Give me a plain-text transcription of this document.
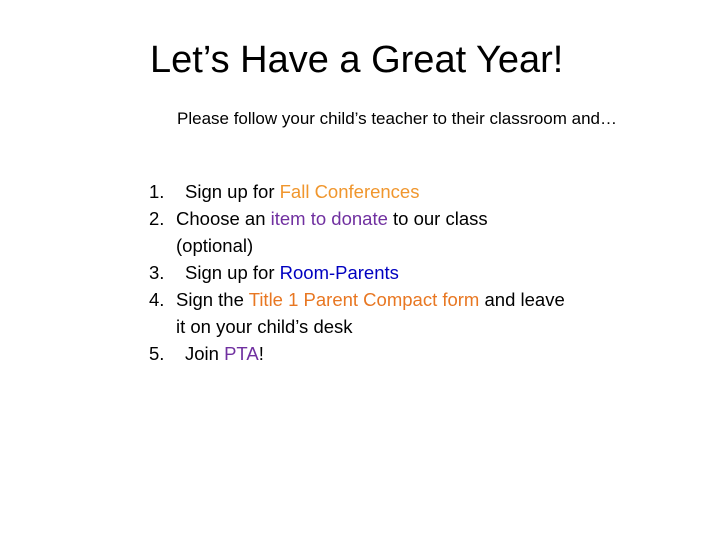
Let’s Have a Great Year!

Please follow your child’s teacher to their classroom and…

1. Sign up for Fall Conferences
2. Choose an item to donate to our class (optional)
3. Sign up for Room-Parents
4. Sign the Title 1 Parent Compact form and leave it on your child’s desk
5. Join PTA!
